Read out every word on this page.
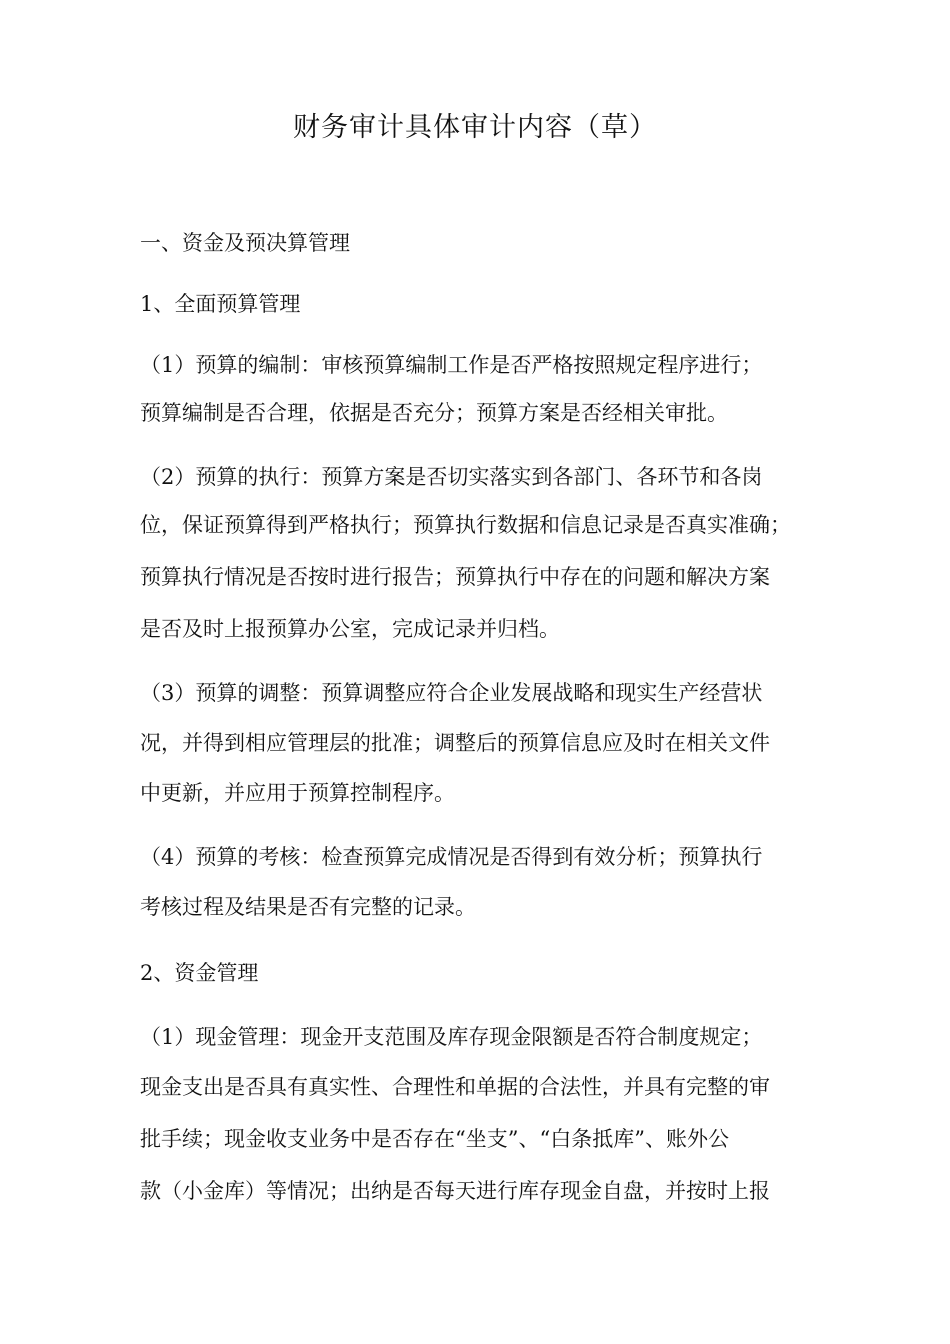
财务审计具体审计内容（草）
一、资金及预决算管理
1、全面预算管理
（1）预算的编制：审核预算编制工作是否严格按照规定程序进行；
预算编制是否合理，依据是否充分；预算方案是否经相关审批。
（2）预算的执行：预算方案是否切实落实到各部门、各环节和各岗
位，保证预算得到严格执行；预算执行数据和信息记录是否真实准确；
预算执行情况是否按时进行报告；预算执行中存在的问题和解决方案
是否及时上报预算办公室，完成记录并归档。
（3）预算的调整：预算调整应符合企业发展战略和现实生产经营状
况，并得到相应管理层的批准；调整后的预算信息应及时在相关文件
中更新，并应用于预算控制程序。
（4）预算的考核：检查预算完成情况是否得到有效分析；预算执行
考核过程及结果是否有完整的记录。
2、资金管理
（1）现金管理：现金开支范围及库存现金限额是否符合制度规定；
现金支出是否具有真实性、合理性和单据的合法性，并具有完整的审
批手续；现金收支业务中是否存在“坐支”、“白条抵库”、账外公
款（小金库）等情况；出纳是否每天进行库存现金自盘，并按时上报
